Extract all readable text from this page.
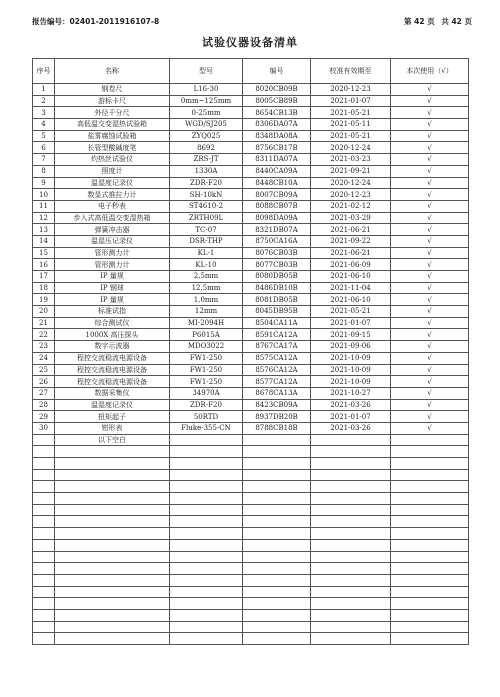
报告编号：02401-2011916107-8	第 42 页 共 42 页
试验仪器设备清单
序号	名称	型号	编号	校准有效期至	本次使用（√）
1	钢卷尺	L16-30	8020CB09B	2020-12-23	√
2	游标卡尺	0mm~125mm	8005CB89B	2021-01-07	√
3	外径千分尺	0-25mm	8654CB13B	2021-05-21	√
4	高低温交变湿热试验箱	WGD/SJ205	8306DA07A	2021-05-11	√
5	盐雾腐蚀试验箱	ZYQ025	8348DA08A	2021-05-21	√
6	长管型酸碱度笔	8692	8756CB17B	2020-12-24	√
7	灼热丝试验仪	ZRS-JT	8311DA07A	2021-03-23	√
8	照度计	1330A	8440CA09A	2021-09-21	√
9	温湿度记录仪	ZDR-F20	8448CB10A	2020-12-24	√
10	数显式推拉力计	SH-10kN	8007CB09A	2020-12-23	√
11	电子秒表	ST4610-2	8088CB07B	2021-02-12	√
12	步入式高低温交变湿热箱	ZRTH09L	8098DA09A	2021-03-29	√
13	弹簧冲击器	TC-07	8321DB07A	2021-06-21	√
14	温湿压记录仪	DSR-THP	8750CA16A	2021-09-22	√
15	管形测力计	KL-1	8076CB03B	2021-06-21	√
16	管形测力计	KL-10	8077CB03B	2021-06-09	√
17	IP 量规	2.5mm	8080DB05B	2021-06-10	√
18	IP 钢球	12.5mm	8486DB10B	2021-11-04	√
19	IP 量规	1.0mm	8081DB05B	2021-06-10	√
20	标准试指	12mm	8045DB95B	2021-05-21	√
21	综合测试仪	MI-2094H	8504CA11A	2021-01-07	√
22	1000X 高压探头	P6015A	8591CA12A	2021-09-15	√
23	数字示波器	MDO3022	8767CA17A	2021-09-06	√
24	程控交流稳流电源设备	FW1-250	8575CA12A	2021-10-09	√
25	程控交流稳流电源设备	FW1-250	8576CA12A	2021-10-09	√
26	程控交流稳流电源设备	FW1-250	8577CA12A	2021-10-09	√
27	数据采集仪	34970A	8678CA13A	2021-10-27	√
28	温湿度记录仪	ZDR-F20	8423CB09A	2021-03-26	√
29	扭矩起子	50RTD	8937DB20B	2021-01-07	√
30	钳形表	Fluke-355-CN	8788CB18B	2021-03-26	√
	以下空白				
